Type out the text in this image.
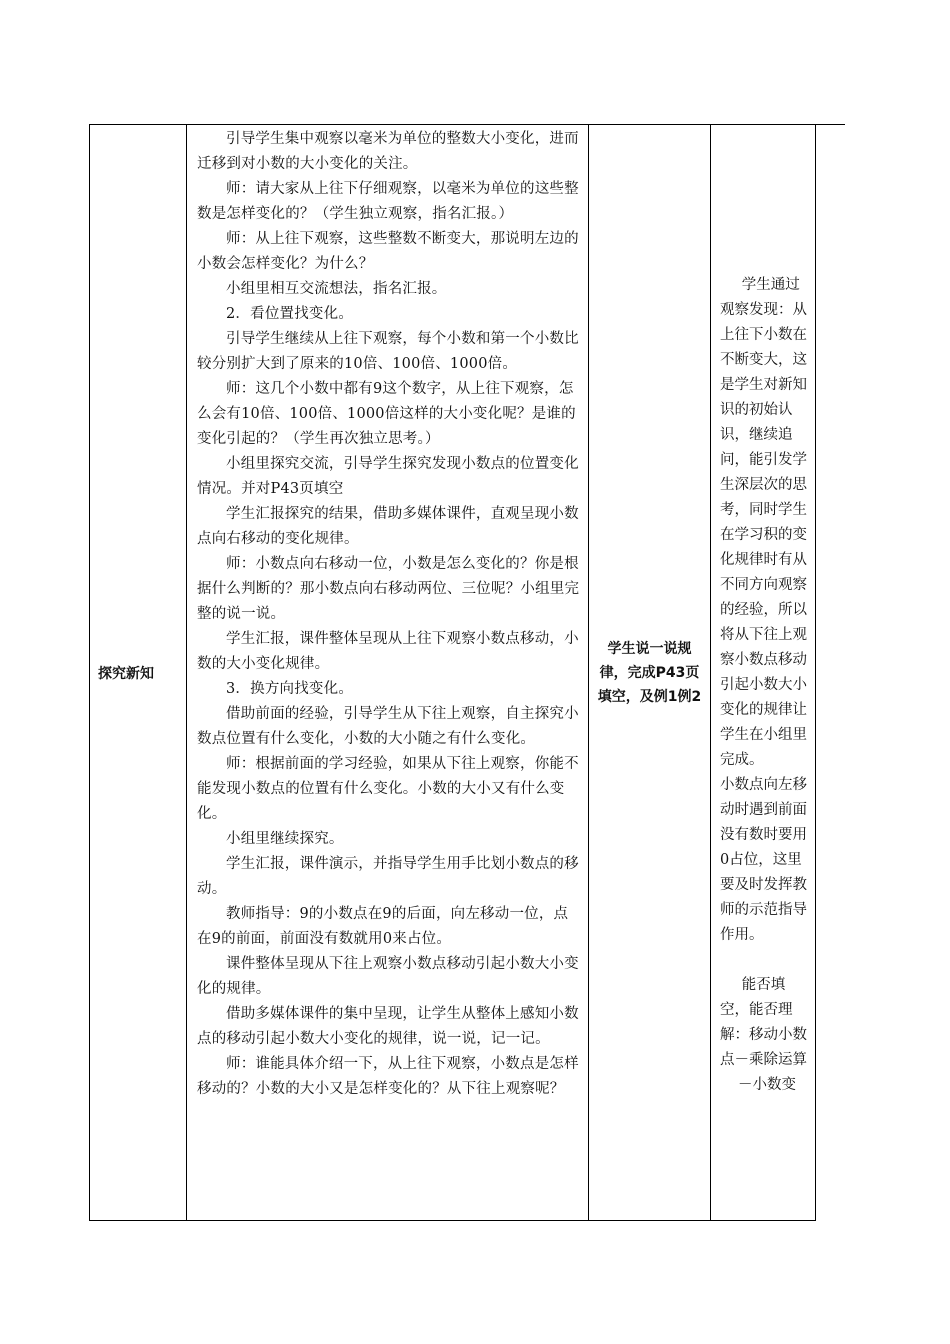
探究新知

引导学生集中观察以毫米为单位的整数大小变化，进而迁移到对小数的大小变化的关注。

师：请大家从上往下仔细观察，以毫米为单位的这些整数是怎样变化的？（学生独立观察，指名汇报。）

师：从上往下观察，这些整数不断变大，那说明左边的小数会怎样变化？为什么？

小组里相互交流想法，指名汇报。

2．看位置找变化。

引导学生继续从上往下观察，每个小数和第一个小数比较分别扩大到了原来的10倍、100倍、1000倍。

师：这几个小数中都有9这个数字，从上往下观察，怎么会有10倍、100倍、1000倍这样的大小变化呢？是谁的变化引起的？（学生再次独立思考。）

小组里探究交流，引导学生探究发现小数点的位置变化情况。并对P43页填空

学生汇报探究的结果，借助多媒体课件，直观呈现小数点向右移动的变化规律。

师：小数点向右移动一位，小数是怎么变化的？你是根据什么判断的？那小数点向右移动两位、三位呢？小组里完整的说一说。

学生汇报，课件整体呈现从上往下观察小数点移动，小数的大小变化规律。

3．换方向找变化。

借助前面的经验，引导学生从下往上观察，自主探究小数点位置有什么变化，小数的大小随之有什么变化。

师：根据前面的学习经验，如果从下往上观察，你能不能发现小数点的位置有什么变化。小数的大小又有什么变化。

小组里继续探究。

学生汇报，课件演示，并指导学生用手比划小数点的移动。

教师指导：9的小数点在9的后面，向左移动一位，点在9的前面，前面没有数就用0来占位。

课件整体呈现从下往上观察小数点移动引起小数大小变化的规律。

借助多媒体课件的集中呈现，让学生从整体上感知小数点的移动引起小数大小变化的规律，说一说，记一记。

师：谁能具体介绍一下，从上往下观察，小数点是怎样移动的？小数的大小又是怎样变化的？从下往上观察呢？

学生说一说规律，完成P43页填空，及例1例2

学生通过观察发现：从上往下小数在不断变大，这是学生对新知识的初始认识，继续追问，能引发学生深层次的思考，同时学生在学习积的变化规律时有从不同方向观察的经验，所以将从下往上观察小数点移动引起小数大小变化的规律让学生在小组里完成。

小数点向左移动时遇到前面没有数时要用0占位，这里要及时发挥教师的示范指导作用。

能否填空，能否理解：移动小数点－乘除运算

－小数变
